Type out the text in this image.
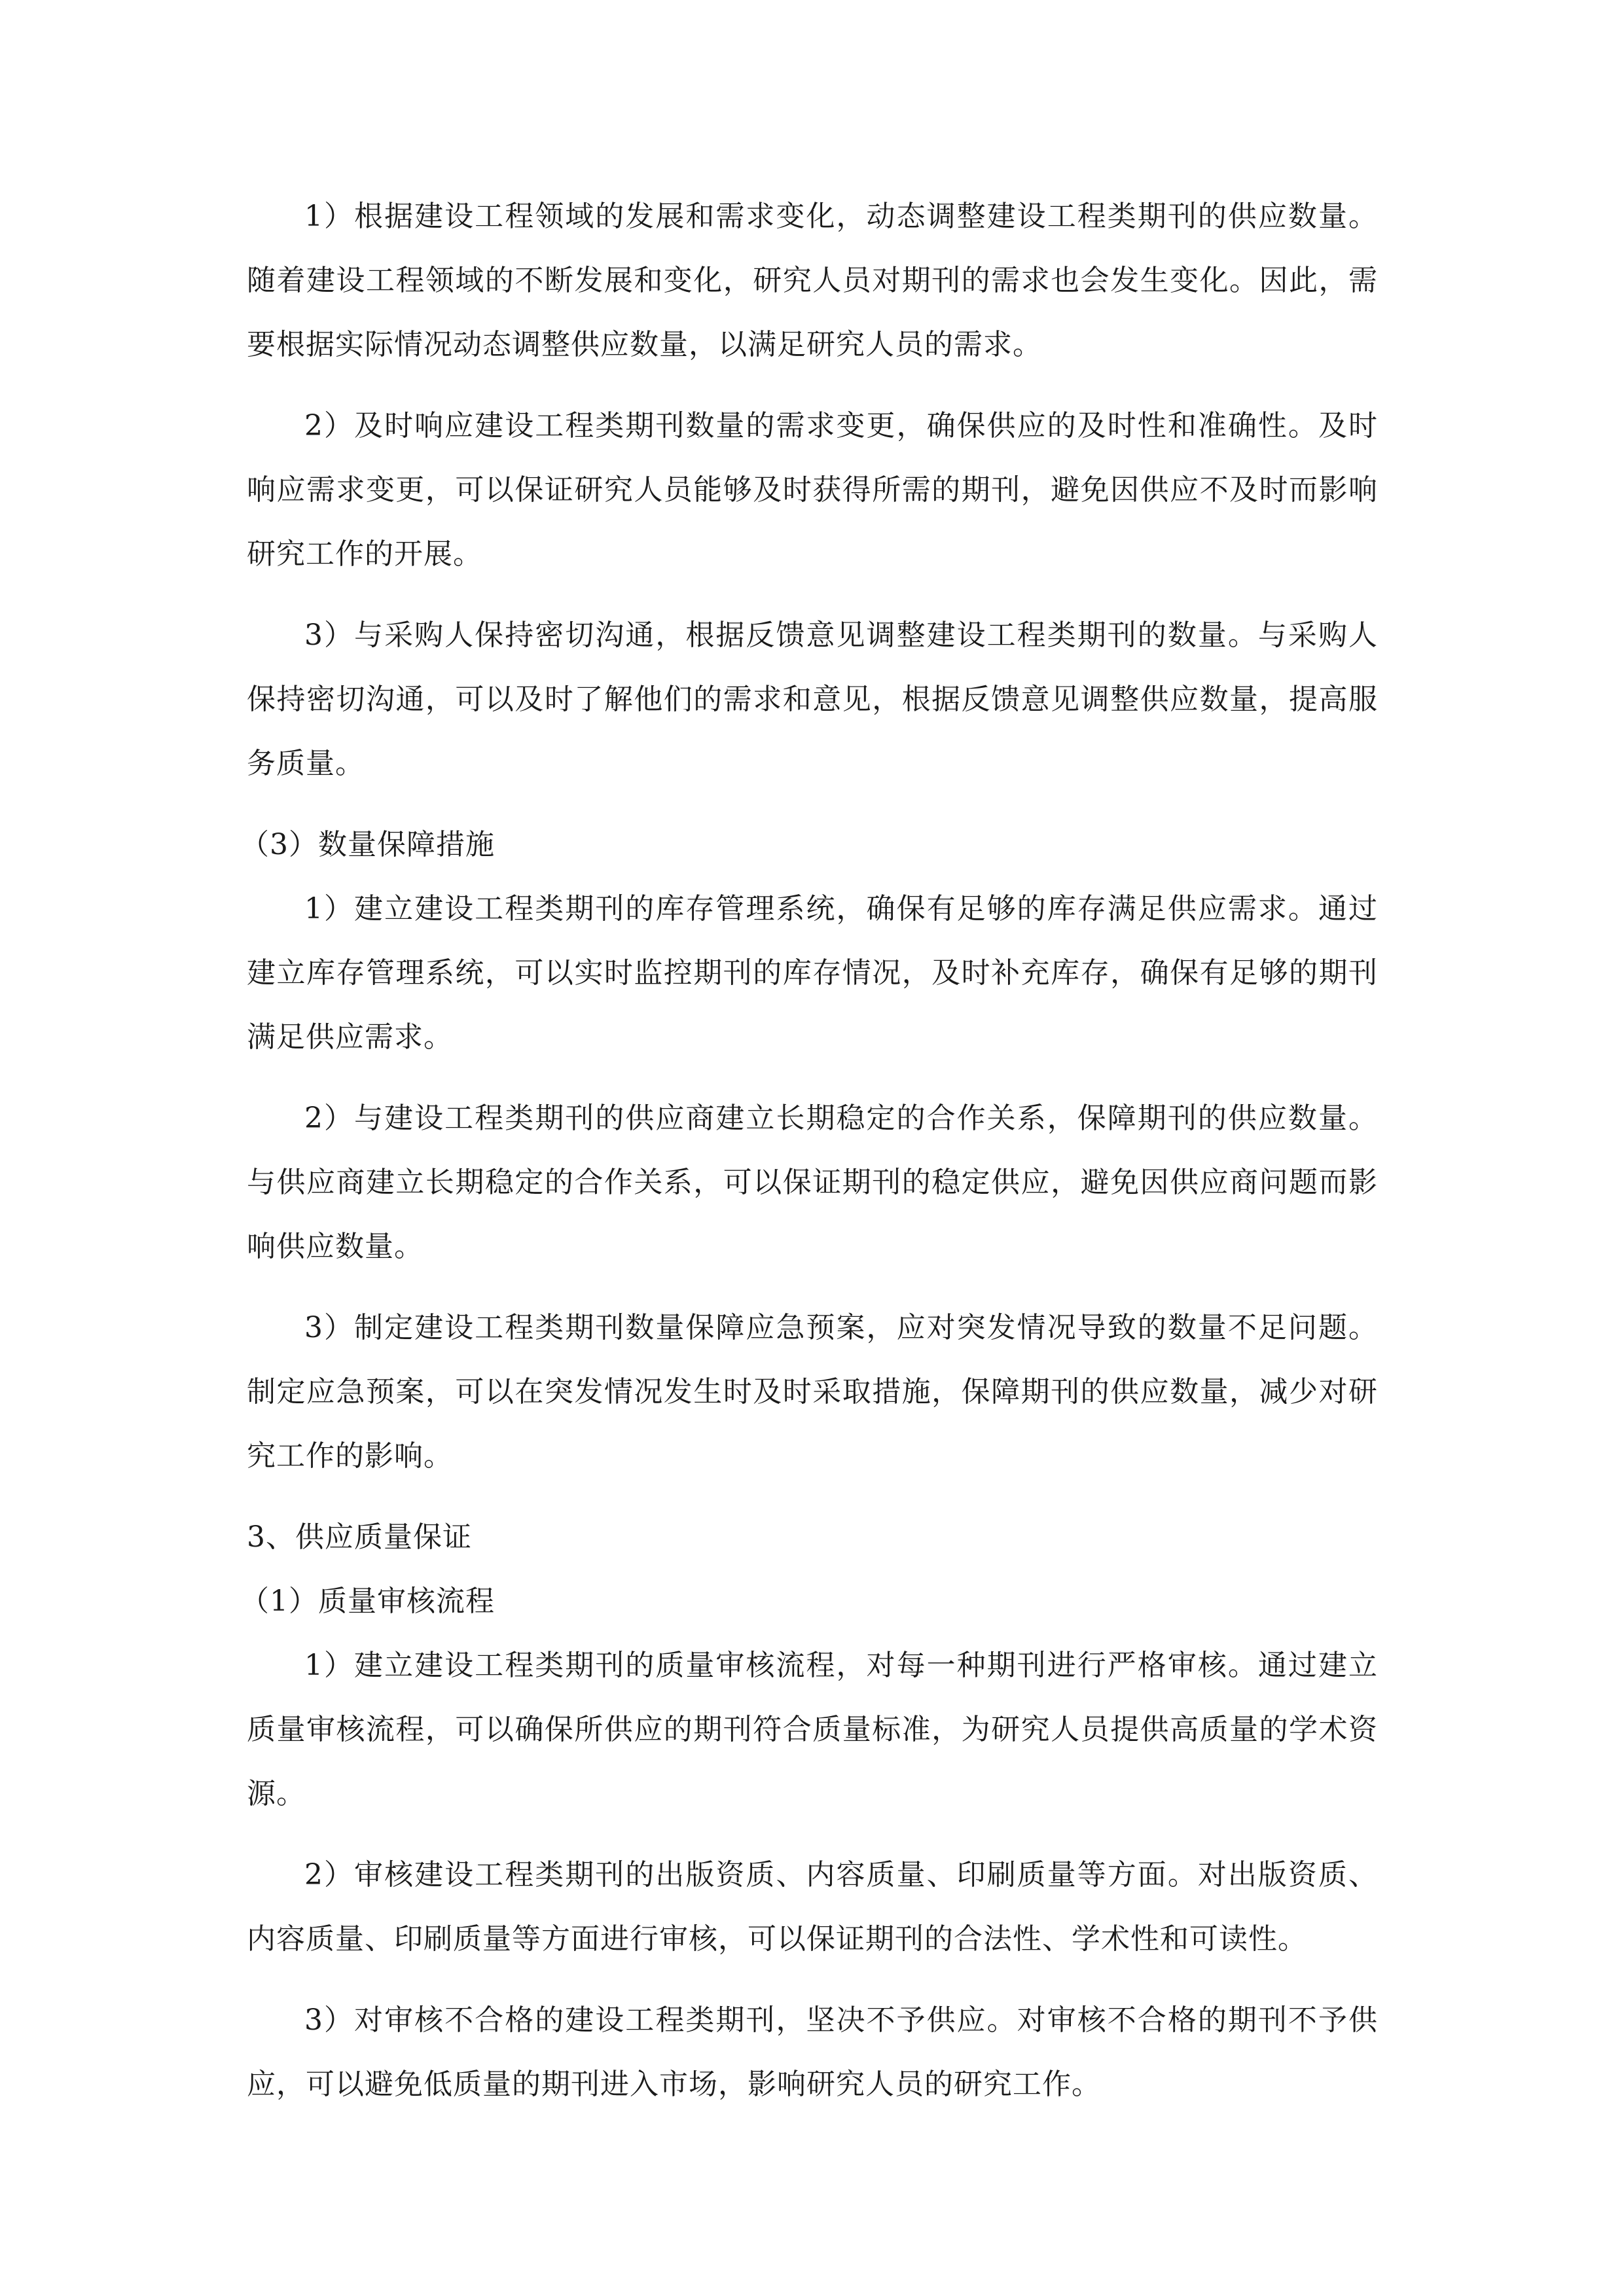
1）根据建设工程领域的发展和需求变化，动态调整建设工程类期刊的供应数量。随着建设工程领域的不断发展和变化，研究人员对期刊的需求也会发生变化。因此，需要根据实际情况动态调整供应数量，以满足研究人员的需求。

2）及时响应建设工程类期刊数量的需求变更，确保供应的及时性和准确性。及时响应需求变更，可以保证研究人员能够及时获得所需的期刊，避免因供应不及时而影响研究工作的开展。

3）与采购人保持密切沟通，根据反馈意见调整建设工程类期刊的数量。与采购人保持密切沟通，可以及时了解他们的需求和意见，根据反馈意见调整供应数量，提高服务质量。

（3）数量保障措施

1）建立建设工程类期刊的库存管理系统，确保有足够的库存满足供应需求。通过建立库存管理系统，可以实时监控期刊的库存情况，及时补充库存，确保有足够的期刊满足供应需求。

2）与建设工程类期刊的供应商建立长期稳定的合作关系，保障期刊的供应数量。与供应商建立长期稳定的合作关系，可以保证期刊的稳定供应，避免因供应商问题而影响供应数量。

3）制定建设工程类期刊数量保障应急预案，应对突发情况导致的数量不足问题。制定应急预案，可以在突发情况发生时及时采取措施，保障期刊的供应数量，减少对研究工作的影响。

3、供应质量保证

（1）质量审核流程

1）建立建设工程类期刊的质量审核流程，对每一种期刊进行严格审核。通过建立质量审核流程，可以确保所供应的期刊符合质量标准，为研究人员提供高质量的学术资源。

2）审核建设工程类期刊的出版资质、内容质量、印刷质量等方面。对出版资质、内容质量、印刷质量等方面进行审核，可以保证期刊的合法性、学术性和可读性。

3）对审核不合格的建设工程类期刊，坚决不予供应。对审核不合格的期刊不予供应，可以避免低质量的期刊进入市场，影响研究人员的研究工作。
